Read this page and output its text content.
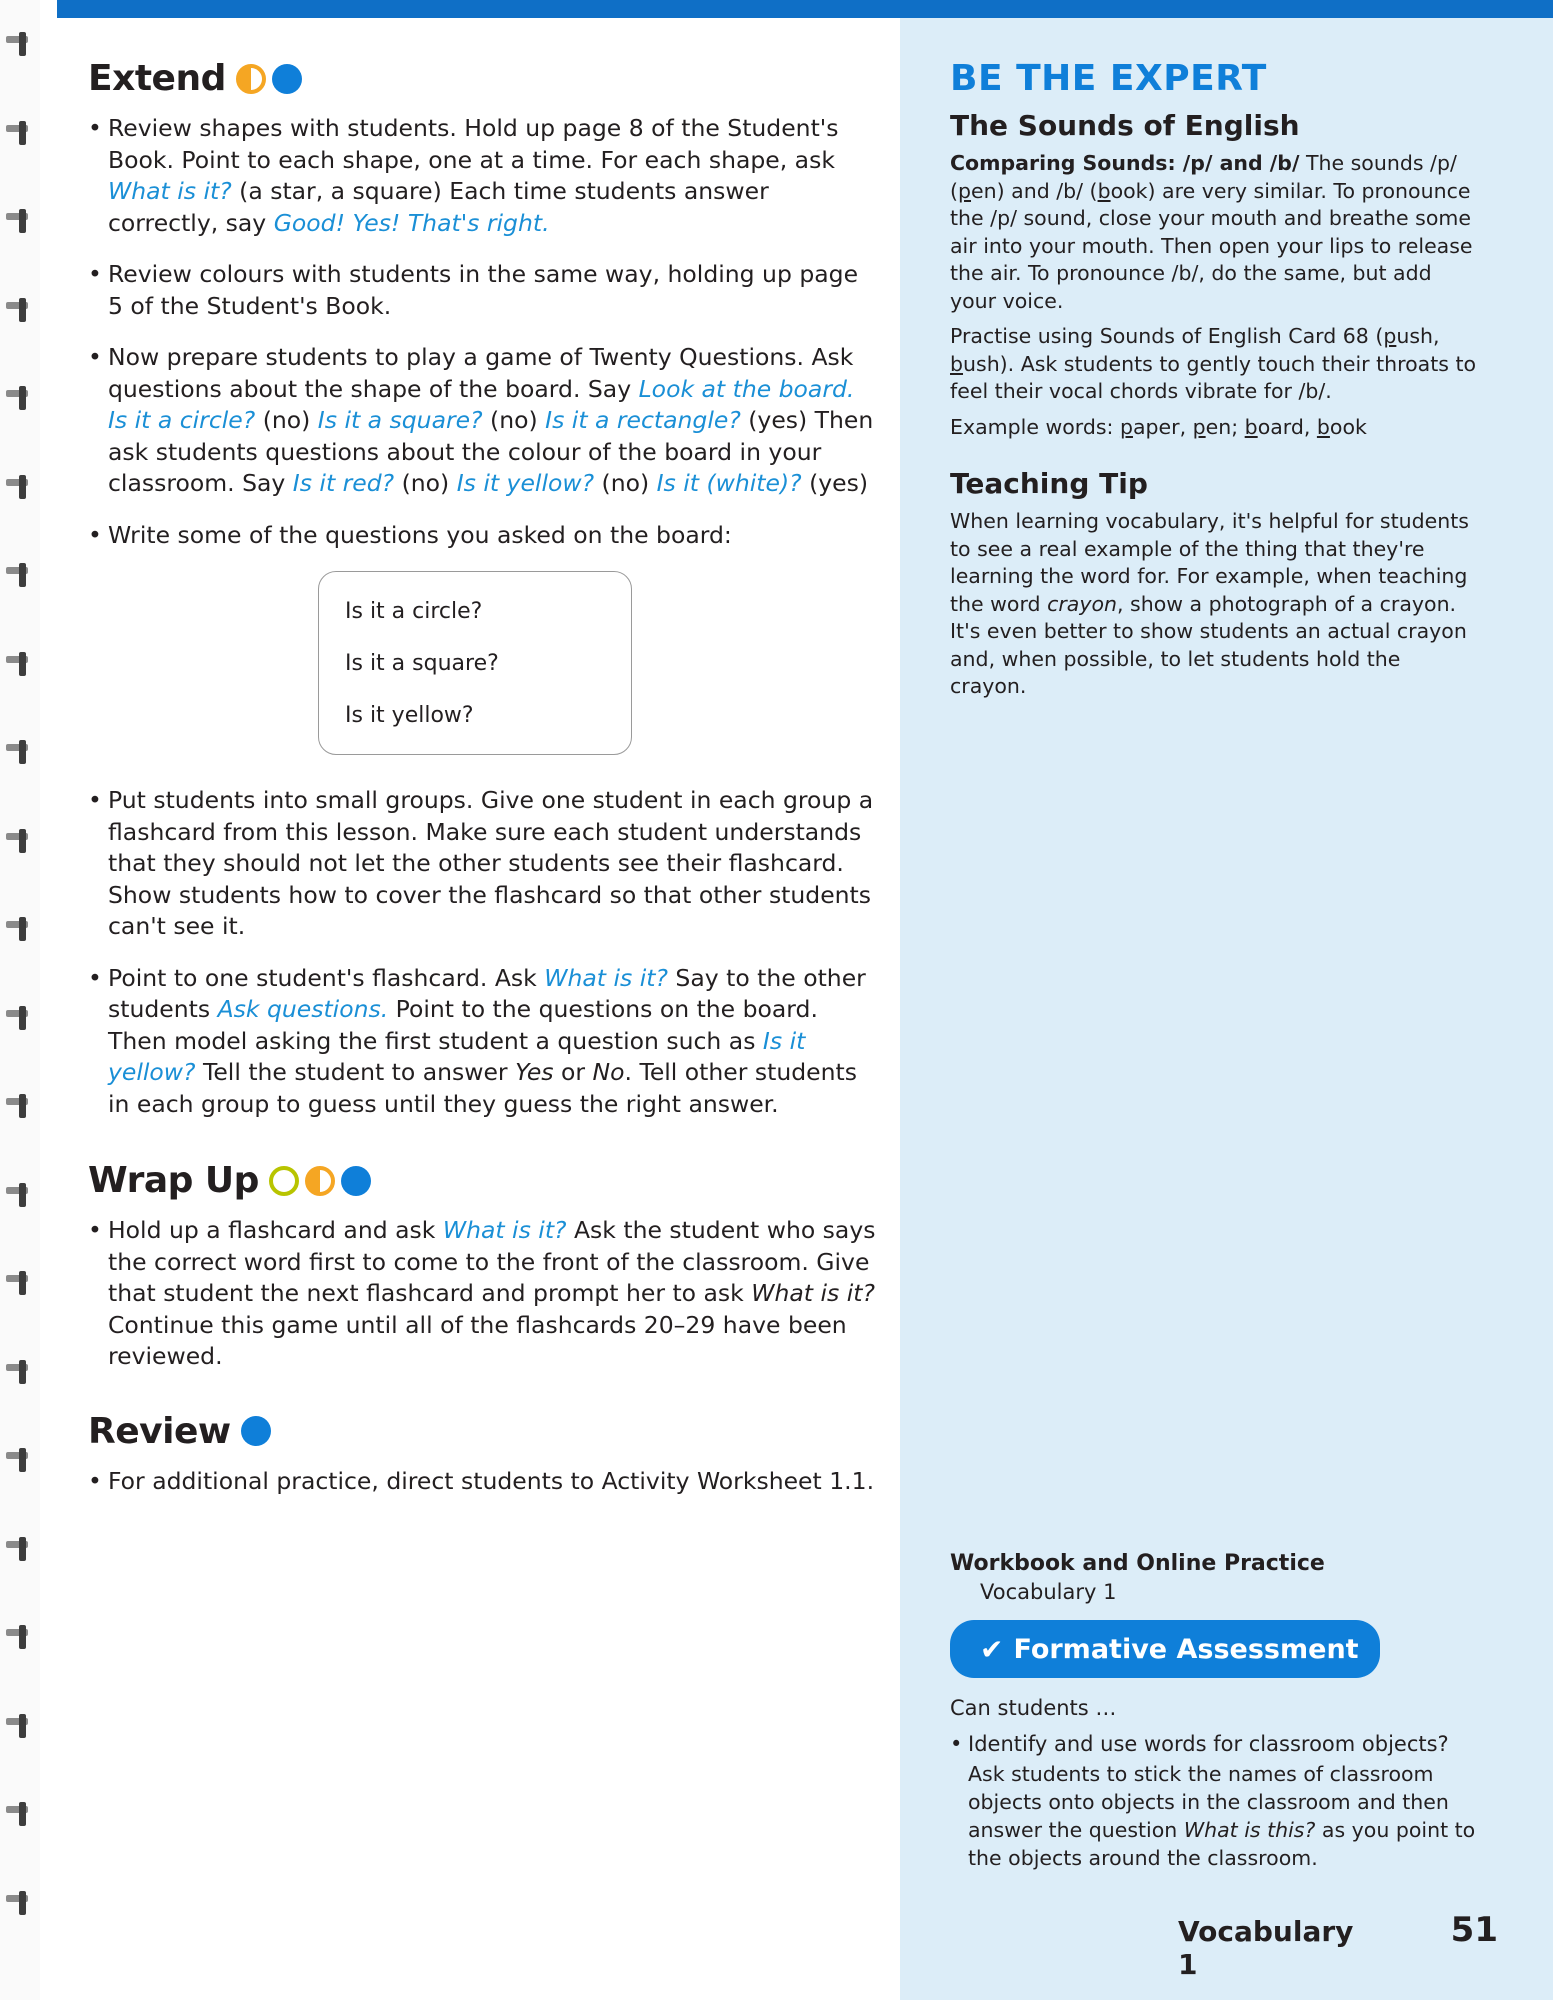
Extend
• Review shapes with students. Hold up page 8 of the Student's Book. Point to each shape, one at a time. For each shape, ask What is it? (a star, a square) Each time students answer correctly, say Good! Yes! That's right.
• Review colours with students in the same way, holding up page 5 of the Student's Book.
• Now prepare students to play a game of Twenty Questions. Ask questions about the shape of the board. Say Look at the board. Is it a circle? (no) Is it a square? (no) Is it a rectangle? (yes) Then ask students questions about the colour of the board in your classroom. Say Is it red? (no) Is it yellow? (no) Is it (white)? (yes)
• Write some of the questions you asked on the board:
Is it a circle?
Is it a square?
Is it yellow?
• Put students into small groups. Give one student in each group a flashcard from this lesson. Make sure each student understands that they should not let the other students see their flashcard. Show students how to cover the flashcard so that other students can't see it.
• Point to one student's flashcard. Ask What is it? Say to the other students Ask questions. Point to the questions on the board. Then model asking the first student a question such as Is it yellow? Tell the student to answer Yes or No. Tell other students in each group to guess until they guess the right answer.
Wrap Up
• Hold up a flashcard and ask What is it? Ask the student who says the correct word first to come to the front of the classroom. Give that student the next flashcard and prompt her to ask What is it? Continue this game until all of the flashcards 20–29 have been reviewed.
Review
• For additional practice, direct students to Activity Worksheet 1.1.
BE THE EXPERT
The Sounds of English

Comparing Sounds: /p/ and /b/ The sounds /p/ (pen) and /b/ (book) are very similar. To pronounce the /p/ sound, close your mouth and breathe some air into your mouth. Then open your lips to release the air. To pronounce /b/, do the same, but add your voice.

Practise using Sounds of English Card 68 (push, bush). Ask students to gently touch their throats to feel their vocal chords vibrate for /b/.

Example words: paper, pen; board, book

Teaching Tip

When learning vocabulary, it's helpful for students to see a real example of the thing that they're learning the word for. For example, when teaching the word crayon, show a photograph of a crayon. It's even better to show students an actual crayon and, when possible, to let students hold the crayon.

Workbook and Online Practice
Vocabulary 1
✔ Formative Assessment
Can students …
• Identify and use words for classroom objects?
Ask students to stick the names of classroom objects onto objects in the classroom and then answer the question What is this? as you point to the objects around the classroom.
Vocabulary 1
51
